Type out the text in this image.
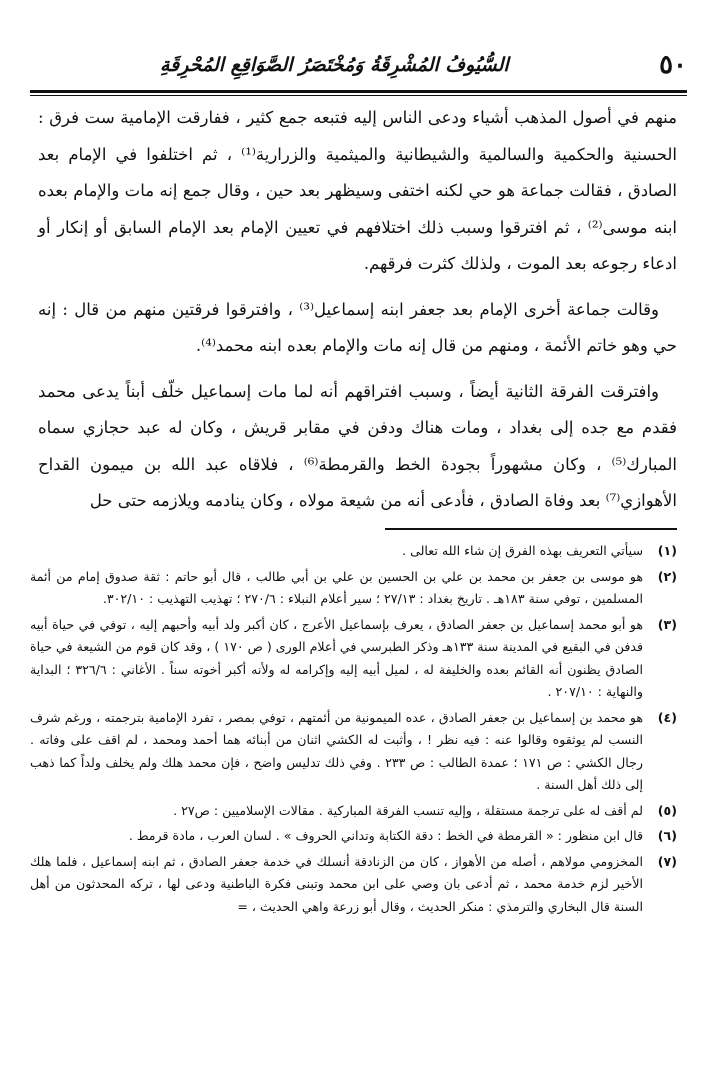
٥٠
السُّيُوفُ المُشْرِقَةُ وَمُخْتَصَرُ الصَّوَاقِعِ المُحْرِقَةِ

منهم في أصول المذهب أشياء ودعى الناس إليه فتبعه جمع كثير ، ففارقت الإمامية ست فرق : الحسنية والحكمية والسالمية والشيطانية والميثمية والزرارية⁽¹⁾ ، ثم اختلفوا في الإمام بعد الصادق ، فقالت جماعة هو حي لكنه اختفى وسيظهر بعد حين ، وقال جمع إنه مات والإمام بعده ابنه موسى⁽²⁾ ، ثم افترقوا وسبب ذلك اختلافهم في تعيين الإمام بعد الإمام السابق أو إنكار أو ادعاء رجوعه بعد الموت ، ولذلك كثرت فرقهم.

وقالت جماعة أخرى الإمام بعد جعفر ابنه إسماعيل⁽³⁾ ، وافترقوا فرقتين منهم من قال : إنه حي وهو خاتم الأئمة ، ومنهم من قال إنه مات والإمام بعده ابنه محمد⁽⁴⁾.

وافترقت الفرقة الثانية أيضاً ، وسبب افتراقهم أنه لما مات إسماعيل خلّف أبناً يدعى محمد فقدم مع جده إلى بغداد ، ومات هناك ودفن في مقابر قريش ، وكان له عبد حجازي سماه المبارك⁽⁵⁾ ، وكان مشهوراً بجودة الخط والقرمطة⁽⁶⁾ ، فلاقاه عبد الله بن ميمون القداح الأهوازي⁽⁷⁾ بعد وفاة الصادق ، فأدعى أنه من شيعة مولاه ، وكان ينادمه ويلازمه حتى حل

(١)
سيأتي التعريف بهذه الفرق إن شاء الله تعالى .
(٢)
هو موسى بن جعفر بن محمد بن علي بن الحسين بن علي بن أبي طالب ، قال أبو حاتم : ثقة صدوق إمام من أئمة المسلمين ، توفي سنة ١٨٣هـ . تاريخ بغداد : ٢٧/١٣ ؛ سير أعلام النبلاء : ٢٧٠/٦ ؛ تهذيب التهذيب : ٣٠٢/١٠.
(٣)
هو أبو محمد إسماعيل بن جعفر الصادق ، يعرف بإسماعيل الأعرج ، كان أكبر ولد أبيه وأحبهم إليه ، توفي في حياة أبيه فدفن في البقيع في المدينة سنة ١٣٣هـ وذكر الطبرسي في أعلام الورى ( ص ١٧٠ ) ، وقد كان قوم من الشيعة في حياة الصادق يظنون أنه القائم بعده والخليفة له ، لميل أبيه إليه وإكرامه له ولأنه أكبر أخوته سناً . الأغاني : ٣٢٦/٦ ؛ البداية والنهاية : ٢٠٧/١٠ .
(٤)
هو محمد بن إسماعيل بن جعفر الصادق ، عده الميمونية من أئمتهم ، توفي بمصر ، تفرد الإمامية بترجمته ، ورغم شرف النسب لم يوثقوه وقالوا عنه : فيه نظر ! ، وأثبت له الكشي اثنان من أبنائه هما أحمد ومحمد ، لم اقف على وفاته . رجال الكشي : ص ١٧١ ؛ عمدة الطالب : ص ٢٣٣ . وفي ذلك تدليس واضح ، فإن محمد هلك ولم يخلف ولداً كما ذهب إلى ذلك أهل السنة .
(٥)
لم أقف له على ترجمة مستقلة ، وإليه تنسب الفرقة المباركية . مقالات الإسلاميين : ص٢٧ .
(٦)
قال ابن منظور : « القرمطة في الخط : دقة الكتابة وتداني الحروف » . لسان العرب ، مادة قرمط .
(٧)
المخزومي مولاهم ، أصله من الأهواز ، كان من الزنادقة أنسلك في خدمة جعفر الصادق ، ثم ابنه إسماعيل ، فلما هلك الأخير لزم خدمة محمد ، ثم أدعى بان وصي على ابن محمد وتبنى فكرة الباطنية ودعى لها ، تركه المحدثون من أهل السنة قال البخاري والترمذي : منكر الحديث ، وقال أبو زرعة واهي الحديث ، =
